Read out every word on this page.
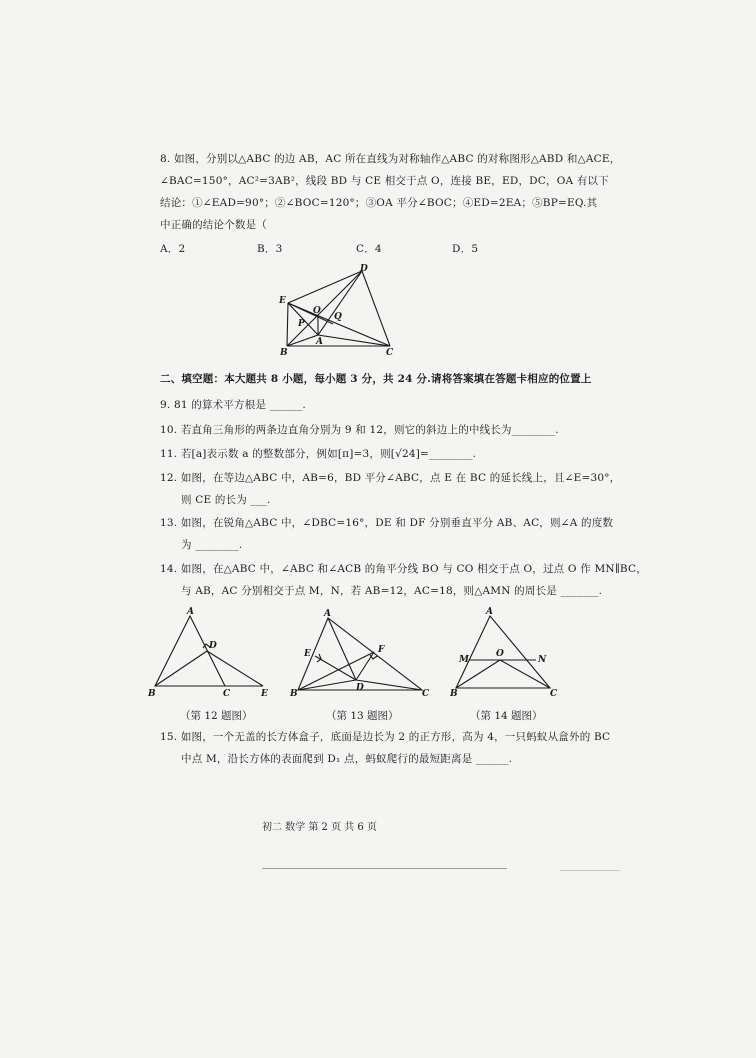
8. 如图，分别以△ABC 的边 AB，AC 所在直线为对称轴作△ABC 的对称图形△ABD 和△ACE，
∠BAC=150°，AC²=3AB²，线段 BD 与 CE 相交于点 O，连接 BE，ED，DC，OA 有以下
结论：①∠EAD=90°；②∠BOC=120°；③OA 平分∠BOC；④ED=2EA；⑤BP=EQ.其
中正确的结论个数是（
A．2	B．3	C．4	D．5
D
E
O
Q
P
A
B	C
二、填空题：本大题共 8 小题，每小题 3 分，共 24 分.请将答案填在答题卡相应的位置上
9. 81 的算术平方根是 ______.
10. 若直角三角形的两条边直角分别为 9 和 12，则它的斜边上的中线长为________.
11. 若[a]表示数 a 的整数部分，例如[π]=3，则[√24]=________.
12. 如图，在等边△ABC 中，AB=6，BD 平分∠ABC，点 E 在 BC 的延长线上，且∠E=30°，
则 CE 的长为 ___.
13. 如图，在锐角△ABC 中，∠DBC=16°，DE 和 DF 分别垂直平分 AB、AC，则∠A 的度数
为 ________.
14. 如图，在△ABC 中，∠ABC 和∠ACB 的角平分线 BO 与 CO 相交于点 O，过点 O 作 MN∥BC，
与 AB，AC 分别相交于点 M，N，若 AB=12，AC=18，则△AMN 的周长是 _______.
A
D
B	C	E
A
E	F
B
D
C
A
M
O
N
B	C
（第 12 题图）	（第 13 题图）	（第 14 题图）
15. 如图，一个无盖的长方体盒子，底面是边长为 2 的正方形，高为 4，一只蚂蚁从盒外的 BC
中点 M，沿长方体的表面爬到 D₁ 点，蚂蚁爬行的最短距离是 ______.
初二 数学 第 2 页 共 6 页
